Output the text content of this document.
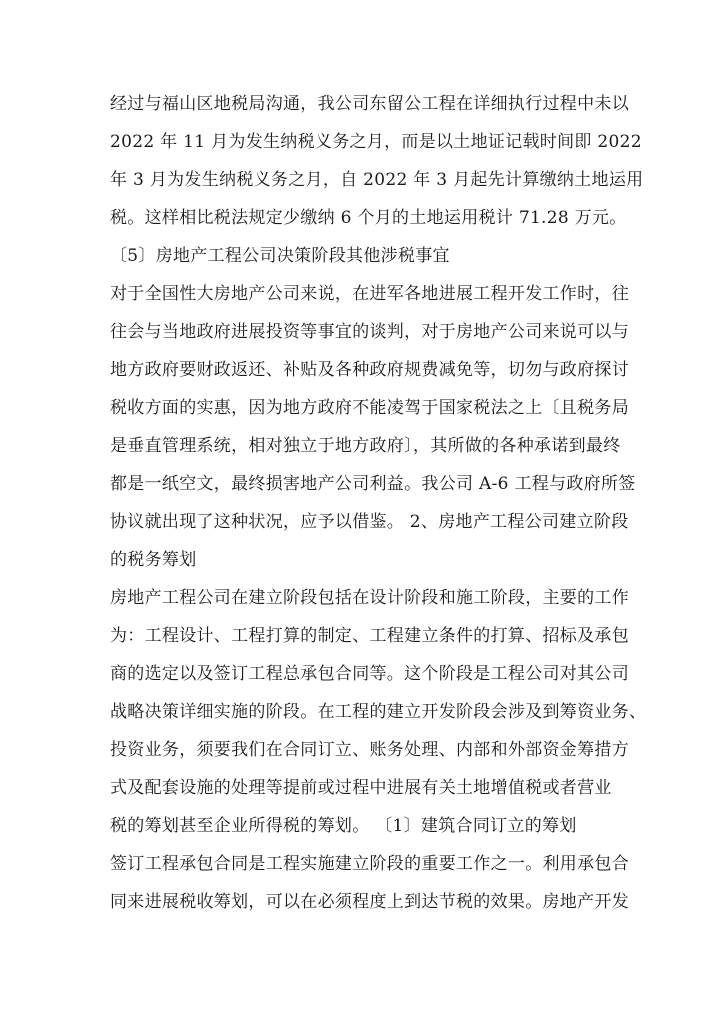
经过与福山区地税局沟通，我公司东留公工程在详细执行过程中未以
2022 年 11 月为发生纳税义务之月，而是以土地证记载时间即 2022
年 3 月为发生纳税义务之月，自 2022 年 3 月起先计算缴纳土地运用
税。这样相比税法规定少缴纳 6 个月的土地运用税计 71.28 万元。
〔5〕房地产工程公司决策阶段其他涉税事宜
对于全国性大房地产公司来说，在进军各地进展工程开发工作时，往
往会与当地政府进展投资等事宜的谈判，对于房地产公司来说可以与
地方政府要财政返还、补贴及各种政府规费减免等，切勿与政府探讨
税收方面的实惠，因为地方政府不能凌驾于国家税法之上〔且税务局
是垂直管理系统，相对独立于地方政府〕，其所做的各种承诺到最终
都是一纸空文，最终损害地产公司利益。我公司 A-6 工程与政府所签
协议就出现了这种状况，应予以借鉴。 2、房地产工程公司建立阶段
的税务筹划
房地产工程公司在建立阶段包括在设计阶段和施工阶段，主要的工作
为：工程设计、工程打算的制定、工程建立条件的打算、招标及承包
商的选定以及签订工程总承包合同等。这个阶段是工程公司对其公司
战略决策详细实施的阶段。在工程的建立开发阶段会涉及到筹资业务、
投资业务，须要我们在合同订立、账务处理、内部和外部资金筹措方
式及配套设施的处理等提前或过程中进展有关土地增值税或者营业
税的筹划甚至企业所得税的筹划。 〔1〕建筑合同订立的筹划
签订工程承包合同是工程实施建立阶段的重要工作之一。利用承包合
同来进展税收筹划，可以在必须程度上到达节税的效果。房地产开发
